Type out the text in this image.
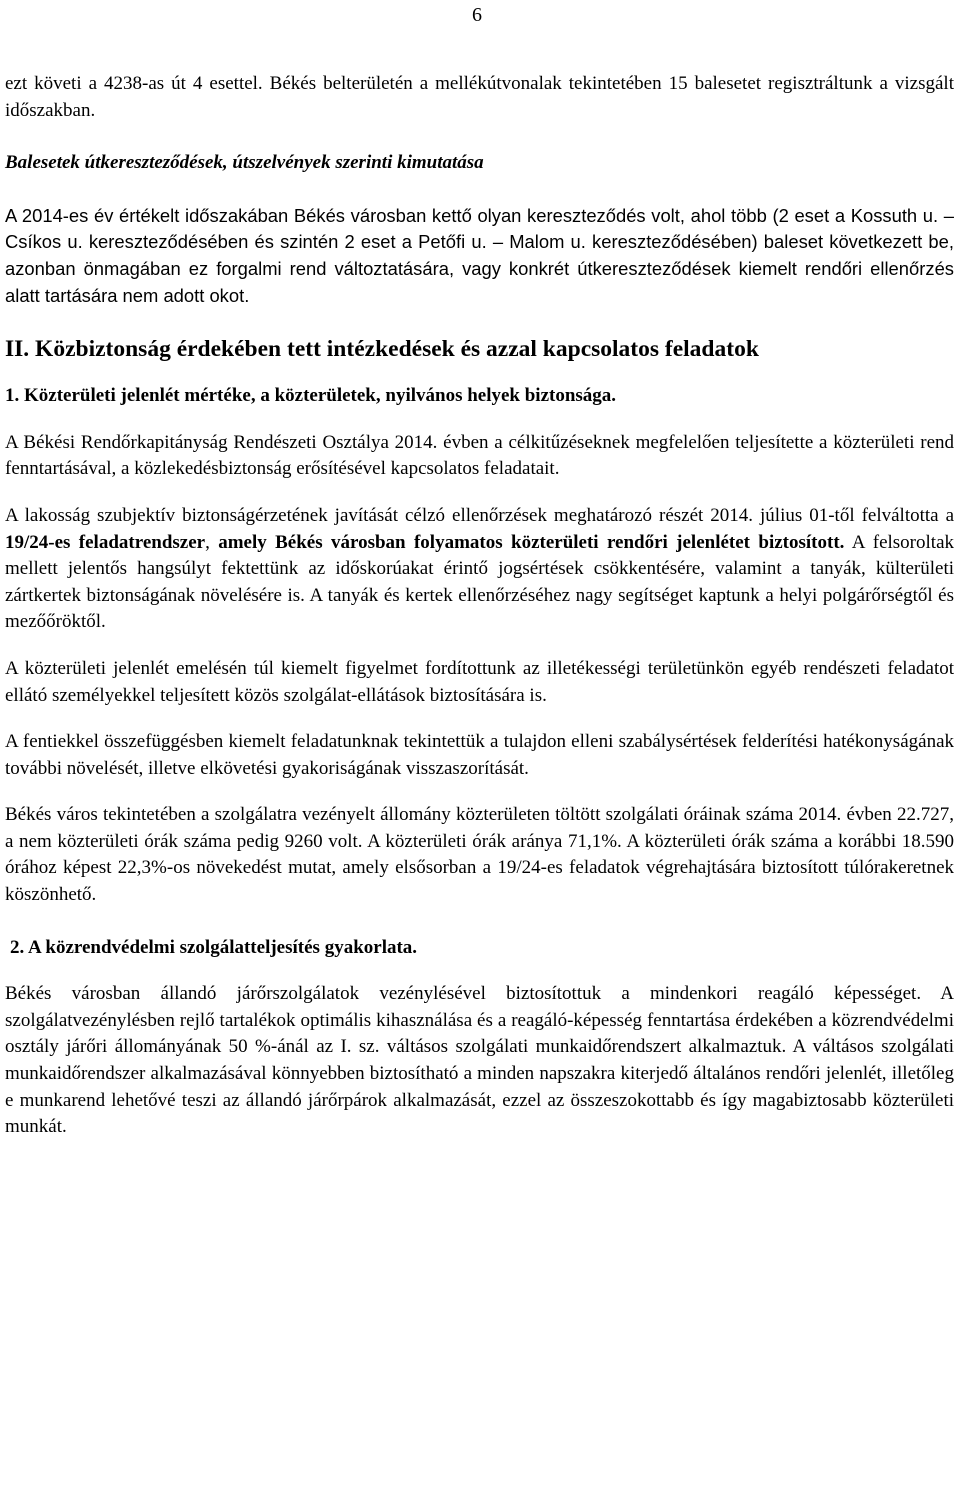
6

ezt követi a 4238-as út 4 esettel. Békés belterületén a mellékútvonalak tekintetében 15 balesetet regisztráltunk a vizsgált időszakban.

Balesetek útkereszteződések, útszelvények szerinti kimutatása

A 2014-es év értékelt időszakában Békés városban kettő olyan kereszteződés volt, ahol több (2 eset a Kossuth u. – Csíkos u. kereszteződésében és szintén 2 eset a Petőfi u. – Malom u. kereszteződésében) baleset következett be, azonban önmagában ez forgalmi rend változtatására, vagy konkrét útkereszteződések kiemelt rendőri ellenőrzés alatt tartására nem adott okot.

II. Közbiztonság érdekében tett intézkedések és azzal kapcsolatos feladatok
1. Közterületi jelenlét mértéke, a közterületek, nyilvános helyek biztonsága.

A Békési Rendőrkapitányság Rendészeti Osztálya 2014. évben a célkitűzéseknek megfelelően teljesítette a közterületi rend fenntartásával, a közlekedésbiztonság erősítésével kapcsolatos feladatait.

A lakosság szubjektív biztonságérzetének javítását célzó ellenőrzések meghatározó részét 2014. július 01-től felváltotta a 19/24-es feladatrendszer, amely Békés városban folyamatos közterületi rendőri jelenlétet biztosított. A felsoroltak mellett jelentős hangsúlyt fektettünk az időskorúakat érintő jogsértések csökkentésére, valamint a tanyák, külterületi zártkertek biztonságának növelésére is. A tanyák és kertek ellenőrzéséhez nagy segítséget kaptunk a helyi polgárőrségtől és mezőőröktől.

A közterületi jelenlét emelésén túl kiemelt figyelmet fordítottunk az illetékességi területünkön egyéb rendészeti feladatot ellátó személyekkel teljesített közös szolgálat-ellátások biztosítására is.

A fentiekkel összefüggésben kiemelt feladatunknak tekintettük a tulajdon elleni szabálysértések felderítési hatékonyságának további növelését, illetve elkövetési gyakoriságának visszaszorítását.

Békés város tekintetében a szolgálatra vezényelt állomány közterületen töltött szolgálati óráinak száma 2014. évben 22.727, a nem közterületi órák száma pedig 9260 volt. A közterületi órák aránya 71,1%. A közterületi órák száma a korábbi 18.590 órához képest 22,3%-os növekedést mutat, amely elsősorban a 19/24-es feladatok végrehajtására biztosított túlórakeretnek köszönhető.

2. A közrendvédelmi szolgálatteljesítés gyakorlata.

Békés városban állandó járőrszolgálatok vezénylésével biztosítottuk a mindenkori reagáló képességet. A szolgálatvezénylésben rejlő tartalékok optimális kihasználása és a reagáló-képesség fenntartása érdekében a közrendvédelmi osztály járőri állományának 50 %-ánál az I. sz. váltásos szolgálati munkaidőrendszert alkalmaztuk. A váltásos szolgálati munkaidőrendszer alkalmazásával könnyebben biztosítható a minden napszakra kiterjedő általános rendőri jelenlét, illetőleg e munkarend lehetővé teszi az állandó járőrpárok alkalmazását, ezzel az összeszokottabb és így magabiztosabb közterületi munkát.
